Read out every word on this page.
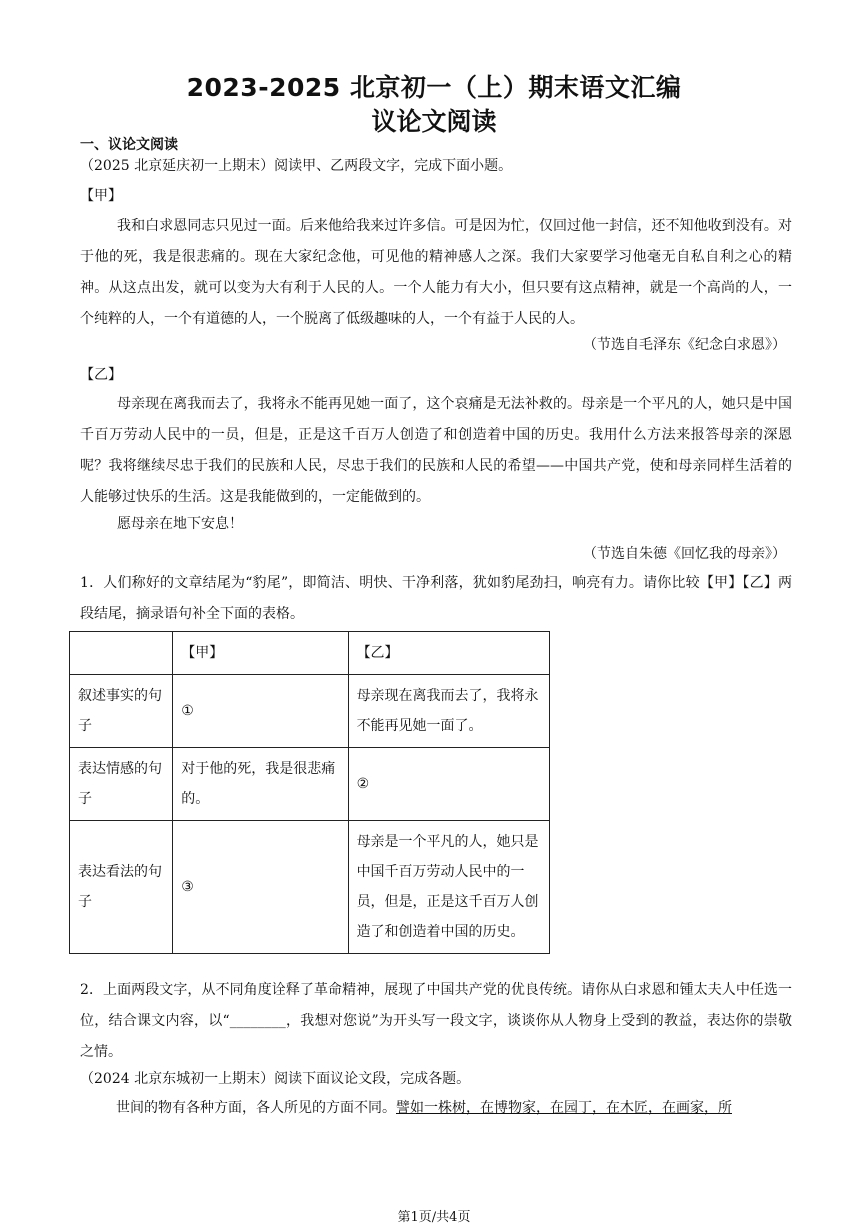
2023-2025 北京初一（上）期末语文汇编
议论文阅读
一、议论文阅读
（2025 北京延庆初一上期末）阅读甲、乙两段文字，完成下面小题。
【甲】
我和白求恩同志只见过一面。后来他给我来过许多信。可是因为忙，仅回过他一封信，还不知他收到没有。对于他的死，我是很悲痛的。现在大家纪念他，可见他的精神感人之深。我们大家要学习他毫无自私自利之心的精神。从这点出发，就可以变为大有利于人民的人。一个人能力有大小，但只要有这点精神，就是一个高尚的人，一个纯粹的人，一个有道德的人，一个脱离了低级趣味的人，一个有益于人民的人。
（节选自毛泽东《纪念白求恩》）
【乙】
母亲现在离我而去了，我将永不能再见她一面了，这个哀痛是无法补救的。母亲是一个平凡的人，她只是中国千百万劳动人民中的一员，但是，正是这千百万人创造了和创造着中国的历史。我用什么方法来报答母亲的深恩呢？我将继续尽忠于我们的民族和人民，尽忠于我们的民族和人民的希望——中国共产党，使和母亲同样生活着的人能够过快乐的生活。这是我能做到的，一定能做到的。
愿母亲在地下安息！
（节选自朱德《回忆我的母亲》）
1．人们称好的文章结尾为“豹尾”，即简洁、明快、干净利落，犹如豹尾劲扫，响亮有力。请你比较【甲】【乙】两段结尾，摘录语句补全下面的表格。
	【甲】	【乙】
叙述事实的句子	①	母亲现在离我而去了，我将永不能再见她一面了。
表达情感的句子	对于他的死，我是很悲痛的。	②
表达看法的句子	③	母亲是一个平凡的人，她只是中国千百万劳动人民中的一员，但是，正是这千百万人创造了和创造着中国的历史。
2．上面两段文字，从不同角度诠释了革命精神，展现了中国共产党的优良传统。请你从白求恩和锺太夫人中任选一位，结合课文内容，以“________，我想对您说”为开头写一段文字，谈谈你从人物身上受到的教益，表达你的崇敬之情。
（2024 北京东城初一上期末）阅读下面议论文段，完成各题。
世间的物有各种方面，各人所见的方面不同。譬如一株树，在博物家，在园丁，在木匠，在画家，所
第1页/共4页
